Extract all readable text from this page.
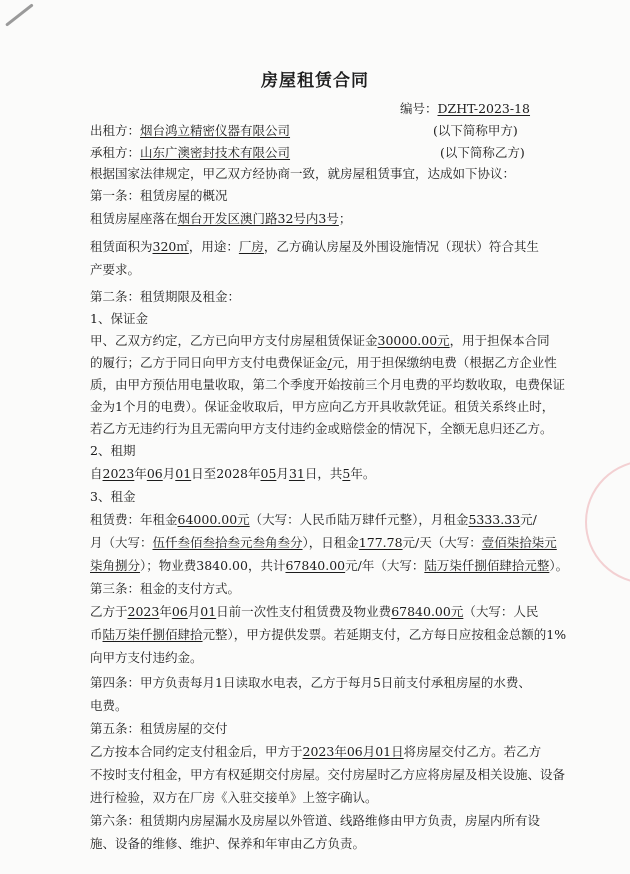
房屋租赁合同
编号：DZHT-2023-18
出租方：烟台鸿立精密仪器有限公司	(以下简称甲方)
承租方：山东广澳密封技术有限公司	(以下简称乙方)
根据国家法律规定，甲乙双方经协商一致，就房屋租赁事宜，达成如下协议：
第一条：租赁房屋的概况
租赁房屋座落在烟台开发区澳门路32号内3号；
租赁面积为320㎡，用途：厂房，乙方确认房屋及外围设施情况（现状）符合其生
产要求。
第二条：租赁期限及租金：
1、保证金
甲、乙双方约定，乙方已向甲方支付房屋租赁保证金30000.00元，用于担保本合同
的履行；乙方于同日向甲方支付电费保证金/元，用于担保缴纳电费（根据乙方企业性
质，由甲方预估用电量收取，第二个季度开始按前三个月电费的平均数收取，电费保证
金为1个月的电费）。保证金收取后，甲方应向乙方开具收款凭证。租赁关系终止时，
若乙方无违约行为且无需向甲方支付违约金或赔偿金的情况下，全额无息归还乙方。
2、租期
自2023年06月01日至2028年05月31日，共5年。
3、租金
租赁费：年租金64000.00元（大写：人民币陆万肆仟元整），月租金5333.33元/
月（大写：伍仟叁佰叁拾叁元叁角叁分），日租金177.78元/天（大写：壹佰柒拾柒元
柒角捌分）；物业费3840.00，共计67840.00元/年（大写：陆万柒仟捌佰肆拾元整）。
第三条：租金的支付方式。
乙方于2023年06月01日前一次性支付租赁费及物业费67840.00元（大写：人民
币陆万柒仟捌佰肆拾元整），甲方提供发票。若延期支付，乙方每日应按租金总额的1%
向甲方支付违约金。
第四条：甲方负责每月1日读取水电表，乙方于每月5日前支付承租房屋的水费、
电费。
第五条：租赁房屋的交付
乙方按本合同约定支付租金后，甲方于2023年06月01日将房屋交付乙方。若乙方
不按时支付租金，甲方有权延期交付房屋。交付房屋时乙方应将房屋及相关设施、设备
进行检验，双方在厂房《入驻交接单》上签字确认。
第六条：租赁期内房屋漏水及房屋以外管道、线路维修由甲方负责，房屋内所有设
施、设备的维修、维护、保养和年审由乙方负责。
